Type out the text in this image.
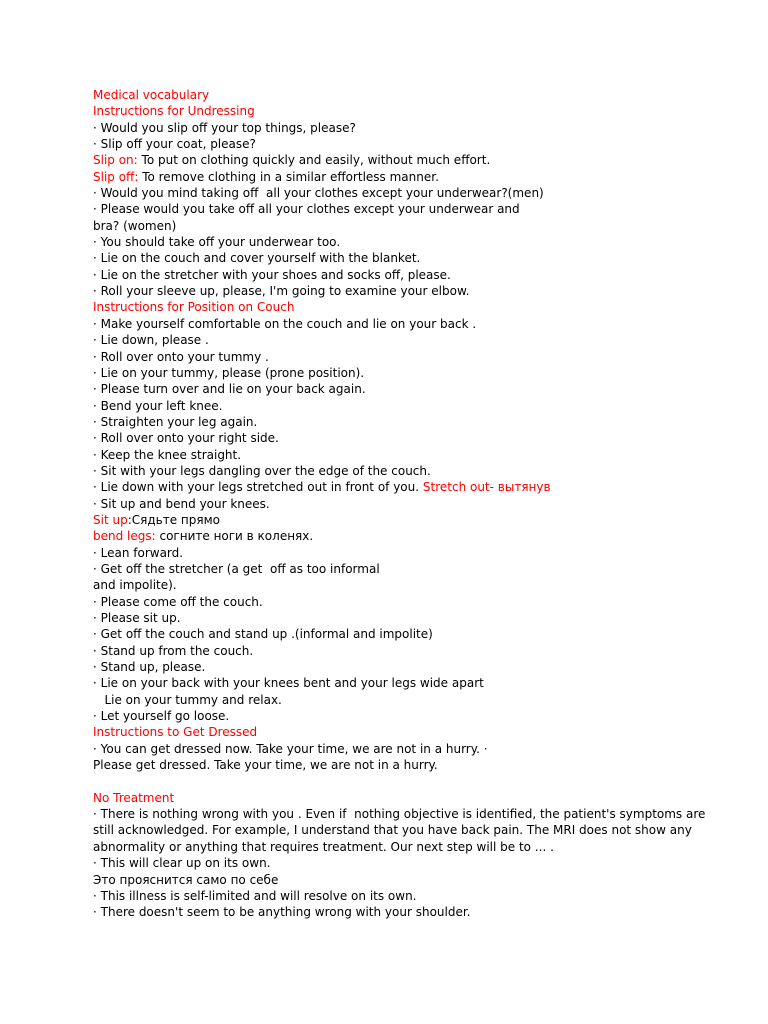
Medical vocabulary
Instructions for Undressing
· Would you slip off your top things, please?
· Slip off your coat, please?
Slip on: To put on clothing quickly and easily, without much effort.
Slip off: To remove clothing in a similar effortless manner.
· Would you mind taking off  all your clothes except your underwear?(men)
· Please would you take off all your clothes except your underwear and
bra? (women)
· You should take off your underwear too.
· Lie on the couch and cover yourself with the blanket.
· Lie on the stretcher with your shoes and socks off, please.
· Roll your sleeve up, please, I'm going to examine your elbow.
Instructions for Position on Couch
· Make yourself comfortable on the couch and lie on your back .
· Lie down, please .
· Roll over onto your tummy .
· Lie on your tummy, please (prone position).
· Please turn over and lie on your back again.
· Bend your left knee.
· Straighten your leg again.
· Roll over onto your right side.
· Keep the knee straight.
· Sit with your legs dangling over the edge of the couch.
· Lie down with your legs stretched out in front of you. Stretch out- вытянув
· Sit up and bend your knees.
Sit up:Сядьте прямо
bend legs: согните ноги в коленях.
· Lean forward.
· Get off the stretcher (a get  off as too informal
and impolite).
· Please come off the couch.
· Please sit up.
· Get off the couch and stand up .(informal and impolite)
· Stand up from the couch.
· Stand up, please.
· Lie on your back with your knees bent and your legs wide apart
Lie on your tummy and relax.
· Let yourself go loose.
Instructions to Get Dressed
· You can get dressed now. Take your time, we are not in a hurry. ·
Please get dressed. Take your time, we are not in a hurry.
No Treatment
· There is nothing wrong with you . Even if  nothing objective is identified, the patient's symptoms are
still acknowledged. For example, I understand that you have back pain. The MRI does not show any
abnormality or anything that requires treatment. Our next step will be to ... .
· This will clear up on its own.
Это прояснится само по себе
· This illness is self-limited and will resolve on its own.
· There doesn't seem to be anything wrong with your shoulder.
